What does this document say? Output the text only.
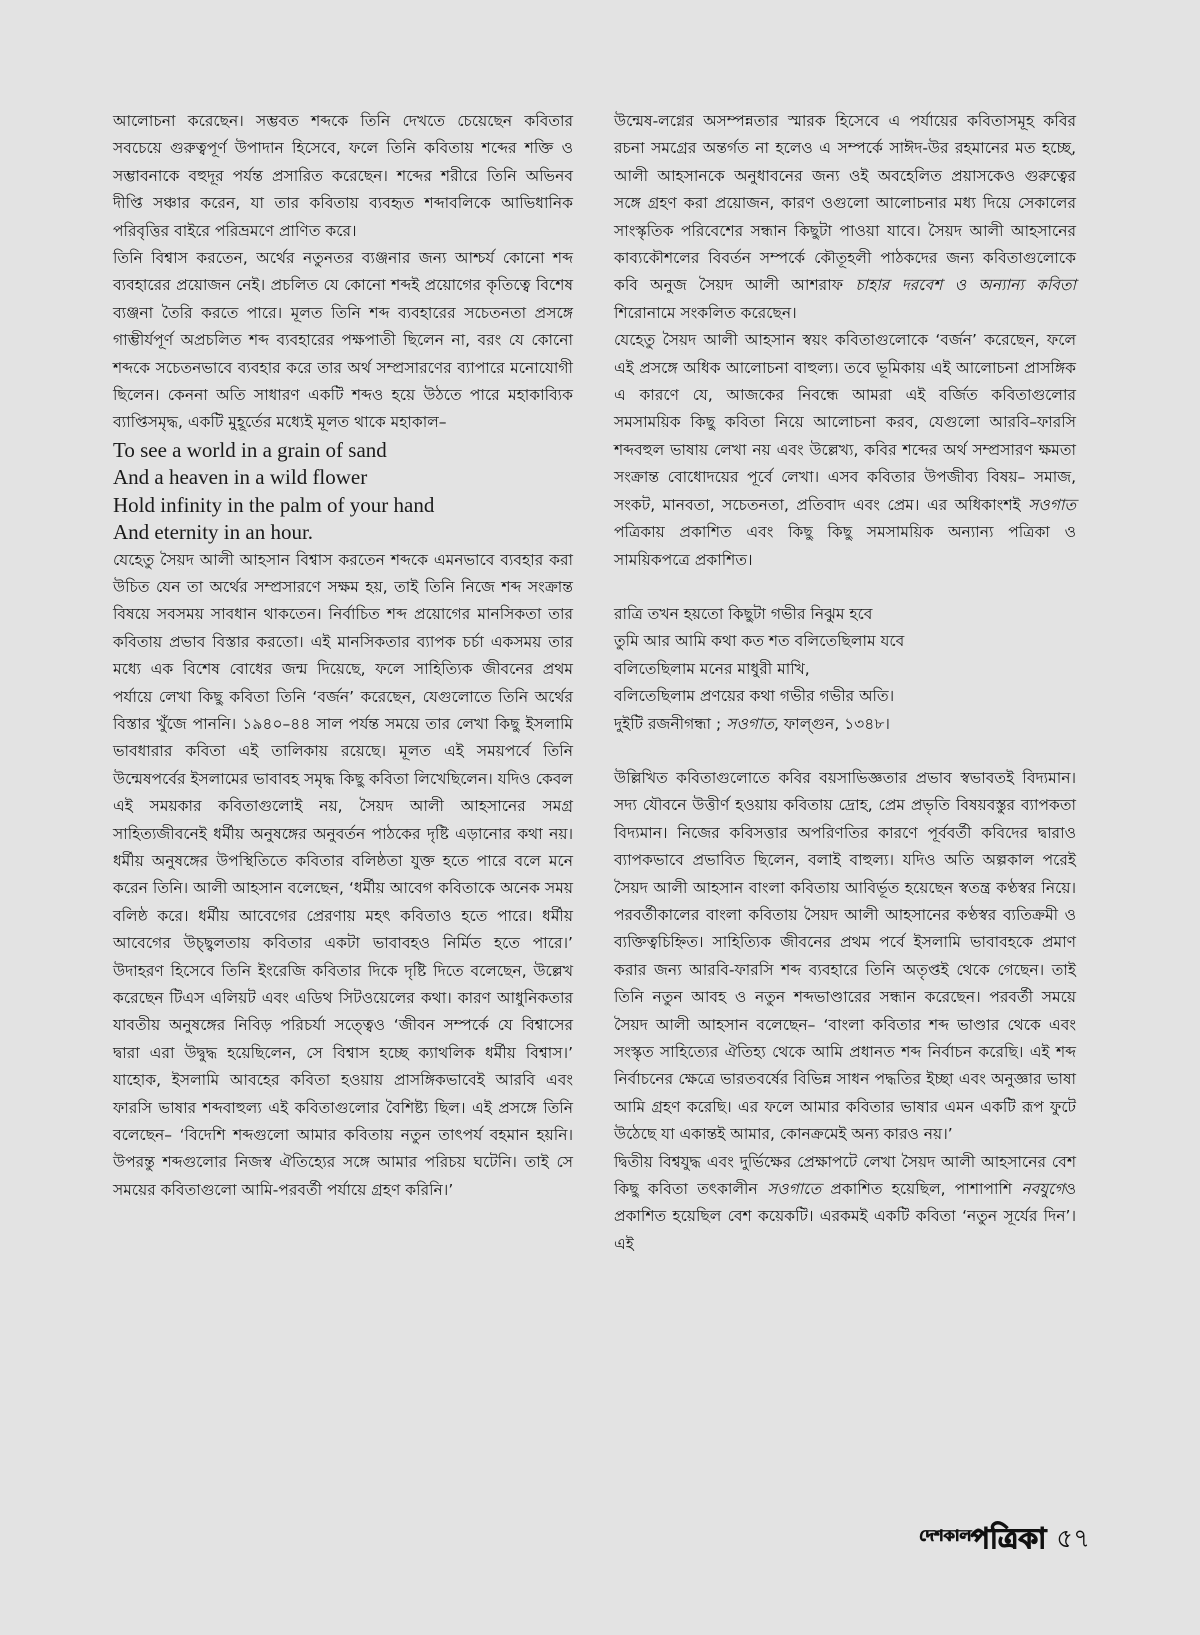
আলোচনা করেছেন। সম্ভবত শব্দকে তিনি দেখতে চেয়েছেন কবিতার সবচেয়ে গুরুত্বপূর্ণ উপাদান হিসেবে, ফলে তিনি কবিতায় শব্দের শক্তি ও সম্ভাবনাকে বহুদূর পর্যন্ত প্রসারিত করেছেন। শব্দের শরীরে তিনি অভিনব দীপ্তি সঞ্চার করেন, যা তার কবিতায় ব্যবহৃত শব্দাবলিকে আভিধানিক পরিবৃত্তির বাইরে পরিভ্রমণে প্রাণিত করে।

তিনি বিশ্বাস করতেন, অর্থের নতুনতর ব্যঞ্জনার জন্য আশ্চর্য কোনো শব্দ ব্যবহারের প্রয়োজন নেই। প্রচলিত যে কোনো শব্দই প্রয়োগের কৃতিত্বে বিশেষ ব্যঞ্জনা তৈরি করতে পারে। মূলত তিনি শব্দ ব্যবহারের সচেতনতা প্রসঙ্গে গাম্ভীর্যপূর্ণ অপ্রচলিত শব্দ ব্যবহারের পক্ষপাতী ছিলেন না, বরং যে কোনো শব্দকে সচেতনভাবে ব্যবহার করে তার অর্থ সম্প্রসারণের ব্যাপারে মনোযোগী ছিলেন। কেননা অতি সাধারণ একটি শব্দও হয়ে উঠতে পারে মহাকাব্যিক ব্যাপ্তিসমৃদ্ধ, একটি মুহূর্তের মধ্যেই মূলত থাকে মহাকাল–

To see a world in a grain of sand

And a heaven in a wild flower

Hold infinity in the palm of your hand

And eternity in an hour.

যেহেতু সৈয়দ আলী আহসান বিশ্বাস করতেন শব্দকে এমনভাবে ব্যবহার করা উচিত যেন তা অর্থের সম্প্রসারণে সক্ষম হয়, তাই তিনি নিজে শব্দ সংক্রান্ত বিষয়ে সবসময় সাবধান থাকতেন। নির্বাচিত শব্দ প্রয়োগের মানসিকতা তার কবিতায় প্রভাব বিস্তার করতো। এই মানসিকতার ব্যাপক চর্চা একসময় তার মধ্যে এক বিশেষ বোধের জন্ম দিয়েছে, ফলে সাহিত্যিক জীবনের প্রথম পর্যায়ে লেখা কিছু কবিতা তিনি ‘বর্জন’ করেছেন, যেগুলোতে তিনি অর্থের বিস্তার খুঁজে পাননি। ১৯৪০–৪৪ সাল পর্যন্ত সময়ে তার লেখা কিছু ইসলামি ভাবধারার কবিতা এই তালিকায় রয়েছে। মূলত এই সময়পর্বে তিনি উন্মেষপর্বের ইসলামের ভাবাবহ সমৃদ্ধ কিছু কবিতা লিখেছিলেন। যদিও কেবল এই সময়কার কবিতাগুলোই নয়, সৈয়দ আলী আহসানের সমগ্র সাহিত্যজীবনেই ধর্মীয় অনুষঙ্গের অনুবর্তন পাঠকের দৃষ্টি এড়ানোর কথা নয়। ধর্মীয় অনুষঙ্গের উপস্থিতিতে কবিতার বলিষ্ঠতা যুক্ত হতে পারে বলে মনে করেন তিনি। আলী আহসান বলেছেন, ‘ধর্মীয় আবেগ কবিতাকে অনেক সময় বলিষ্ঠ করে। ধর্মীয় আবেগের প্রেরণায় মহৎ কবিতাও হতে পারে। ধর্মীয় আবেগের উচ্ছ্বলতায় কবিতার একটা ভাবাবহও নির্মিত হতে পারে।’ উদাহরণ হিসেবে তিনি ইংরেজি কবিতার দিকে দৃষ্টি দিতে বলেছেন, উল্লেখ করেছেন টিএস এলিয়ট এবং এডিথ সিটওয়েলের কথা। কারণ আধুনিকতার যাবতীয় অনুষঙ্গের নিবিড় পরিচর্যা সত্ত্বেও ‘জীবন সম্পর্কে যে বিশ্বাসের দ্বারা এরা উদ্বুদ্ধ হয়েছিলেন, সে বিশ্বাস হচ্ছে ক্যাথলিক ধর্মীয় বিশ্বাস।’ যাহোক, ইসলামি আবহের কবিতা হওয়ায় প্রাসঙ্গিকভাবেই আরবি এবং ফারসি ভাষার শব্দবাহুল্য এই কবিতাগুলোর বৈশিষ্ট্য ছিল। এই প্রসঙ্গে তিনি বলেছেন– ‘বিদেশি শব্দগুলো আমার কবিতায় নতুন তাৎপর্য বহমান হয়নি। উপরন্তু শব্দগুলোর নিজস্ব ঐতিহ্যের সঙ্গে আমার পরিচয় ঘটেনি। তাই সে সময়ের কবিতাগুলো আমি-পরবর্তী পর্যায়ে গ্রহণ করিনি।’

উন্মেষ-লগ্নের অসম্পন্নতার স্মারক হিসেবে এ পর্যায়ের কবিতাসমূহ কবির রচনা সমগ্রের অন্তর্গত না হলেও এ সম্পর্কে সাঈদ-উর রহমানের মত হচ্ছে, আলী আহসানকে অনুধাবনের জন্য ওই অবহেলিত প্রয়াসকেও গুরুত্বের সঙ্গে গ্রহণ করা প্রয়োজন, কারণ ওগুলো আলোচনার মধ্য দিয়ে সেকালের সাংস্কৃতিক পরিবেশের সন্ধান কিছুটা পাওয়া যাবে। সৈয়দ আলী আহসানের কাব্যকৌশলের বিবর্তন সম্পর্কে কৌতূহলী পাঠকদের জন্য কবিতাগুলোকে কবি অনুজ সৈয়দ আলী আশরাফ চাহার দরবেশ ও অন্যান্য কবিতা শিরোনামে সংকলিত করেছেন।

যেহেতু সৈয়দ আলী আহসান স্বয়ং কবিতাগুলোকে ‘বর্জন’ করেছেন, ফলে এই প্রসঙ্গে অধিক আলোচনা বাহুল্য। তবে ভূমিকায় এই আলোচনা প্রাসঙ্গিক এ কারণে যে, আজকের নিবন্ধে আমরা এই বর্জিত কবিতাগুলোর সমসাময়িক কিছু কবিতা নিয়ে আলোচনা করব, যেগুলো আরবি–ফারসি শব্দবহুল ভাষায় লেখা নয় এবং উল্লেখ্য, কবির শব্দের অর্থ সম্প্রসারণ ক্ষমতা সংক্রান্ত বোধোদয়ের পূর্বে লেখা। এসব কবিতার উপজীব্য বিষয়– সমাজ, সংকট, মানবতা, সচেতনতা, প্রতিবাদ এবং প্রেম। এর অধিকাংশই সওগাত পত্রিকায় প্রকাশিত এবং কিছু কিছু সমসাময়িক অন্যান্য পত্রিকা ও সাময়িকপত্রে প্রকাশিত।

রাত্রি তখন হয়তো কিছুটা গভীর নিঝুম হবে

তুমি আর আমি কথা কত শত বলিতেছিলাম যবে

বলিতেছিলাম মনের মাধুরী মাখি,

বলিতেছিলাম প্রণয়ের কথা গভীর গভীর অতি।

দুইটি রজনীগন্ধা ; সওগাত, ফাল্গুন, ১৩৪৮।

উল্লিখিত কবিতাগুলোতে কবির বয়সাভিজ্ঞতার প্রভাব স্বভাবতই বিদ্যমান। সদ্য যৌবনে উত্তীর্ণ হওয়ায় কবিতায় দ্রোহ, প্রেম প্রভৃতি বিষয়বস্তুর ব্যাপকতা বিদ্যমান। নিজের কবিসত্তার অপরিণতির কারণে পূর্ববর্তী কবিদের দ্বারাও ব্যাপকভাবে প্রভাবিত ছিলেন, বলাই বাহুল্য। যদিও অতি অল্পকাল পরেই সৈয়দ আলী আহসান বাংলা কবিতায় আবির্ভূত হয়েছেন স্বতন্ত্র কণ্ঠস্বর নিয়ে। পরবর্তীকালের বাংলা কবিতায় সৈয়দ আলী আহসানের কণ্ঠস্বর ব্যতিক্রমী ও ব্যক্তিত্বচিহ্নিত। সাহিত্যিক জীবনের প্রথম পর্বে ইসলামি ভাবাবহকে প্রমাণ করার জন্য আরবি-ফারসি শব্দ ব্যবহারে তিনি অতৃপ্তই থেকে গেছেন। তাই তিনি নতুন আবহ ও নতুন শব্দভাণ্ডারের সন্ধান করেছেন। পরবর্তী সময়ে সৈয়দ আলী আহসান বলেছেন– ‘বাংলা কবিতার শব্দ ভাণ্ডার থেকে এবং সংস্কৃত সাহিত্যের ঐতিহ্য থেকে আমি প্রধানত শব্দ নির্বাচন করেছি। এই শব্দ নির্বাচনের ক্ষেত্রে ভারতবর্ষের বিভিন্ন সাধন পদ্ধতির ইচ্ছা এবং অনুজ্ঞার ভাষা আমি গ্রহণ করেছি। এর ফলে আমার কবিতার ভাষার এমন একটি রূপ ফুটে উঠেছে যা একান্তই আমার, কোনক্রমেই অন্য কারও নয়।’

দ্বিতীয় বিশ্বযুদ্ধ এবং দুর্ভিক্ষের প্রেক্ষাপটে লেখা সৈয়দ আলী আহসানের বেশ কিছু কবিতা তৎকালীন সওগাতে প্রকাশিত হয়েছিল, পাশাপাশি নবযুগেও প্রকাশিত হয়েছিল বেশ কয়েকটি। এরকমই একটি কবিতা ‘নতুন সূর্যের দিন’। এই

দেশকাল পত্রিকা ৫৭
